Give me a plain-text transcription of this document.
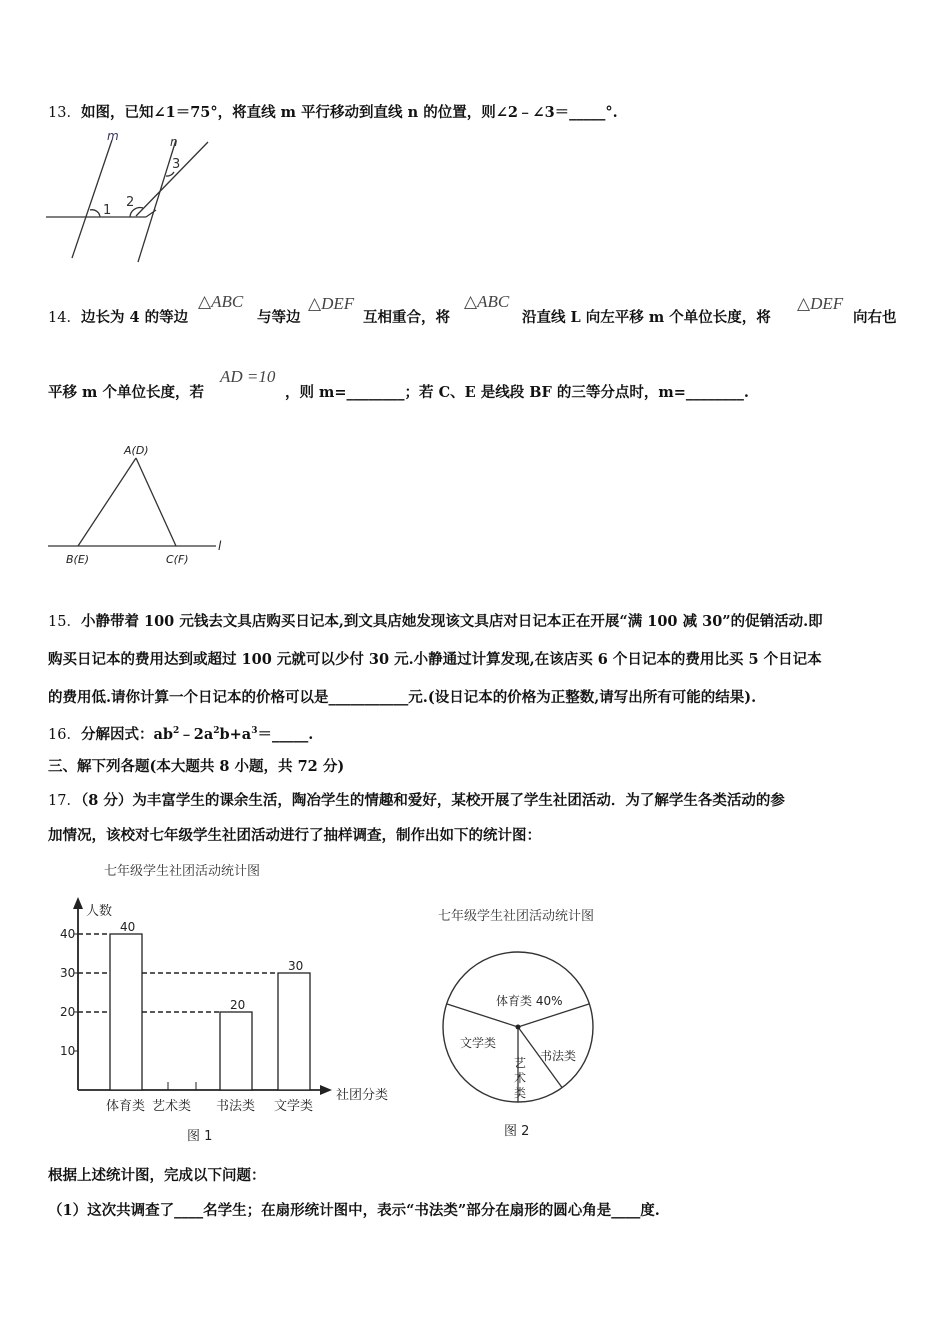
13．如图，已知∠1＝75°，将直线 m 平行移动到直线 n 的位置，则∠2﹣∠3＝_____°.
m	n
1
2
3
14．边长为 4 的等边
△ABC
与等边
△DEF
互相重合，将
△ABC
沿直线 L 向左平移 m 个单位长度，将
△DEF
向右也
平移 m 个单位长度，若
AD =10
，则 m=________；若 C、E 是线段 BF 的三等分点时，m=________.
A(D)
B(E)	C(F)
l
15．小静带着 100 元钱去文具店购买日记本,到文具店她发现该文具店对日记本正在开展“满 100 减 30”的促销活动.即
购买日记本的费用达到或超过 100 元就可以少付 30 元.小静通过计算发现,在该店买 6 个日记本的费用比买 5 个日记本
的费用低.请你计算一个日记本的价格可以是___________元.(设日记本的价格为正整数,请写出所有可能的结果).
16．分解因式：$ab^2﹣2a^2b+a^3=\_\_\_\_\_$.
三、解下列各题(本大题共 8 小题，共 72 分)
17．（8 分）为丰富学生的课余生活，陶冶学生的情趣和爱好，某校开展了学生社团活动．为了解学生各类活动的参
加情况，该校对七年级学生社团活动进行了抽样调查，制作出如下的统计图：
七年级学生社团活动统计图
人数
社团分类
10
20
30
40	40
20
30
体育类 艺术类 书法类 文学类
图 1
七年级学生社团活动统计图
体育类 40%
书法类
文学类
艺
术
类
图 2
根据上述统计图，完成以下问题：
（1）这次共调查了____名学生；在扇形统计图中，表示“书法类”部分在扇形的圆心角是____度.
